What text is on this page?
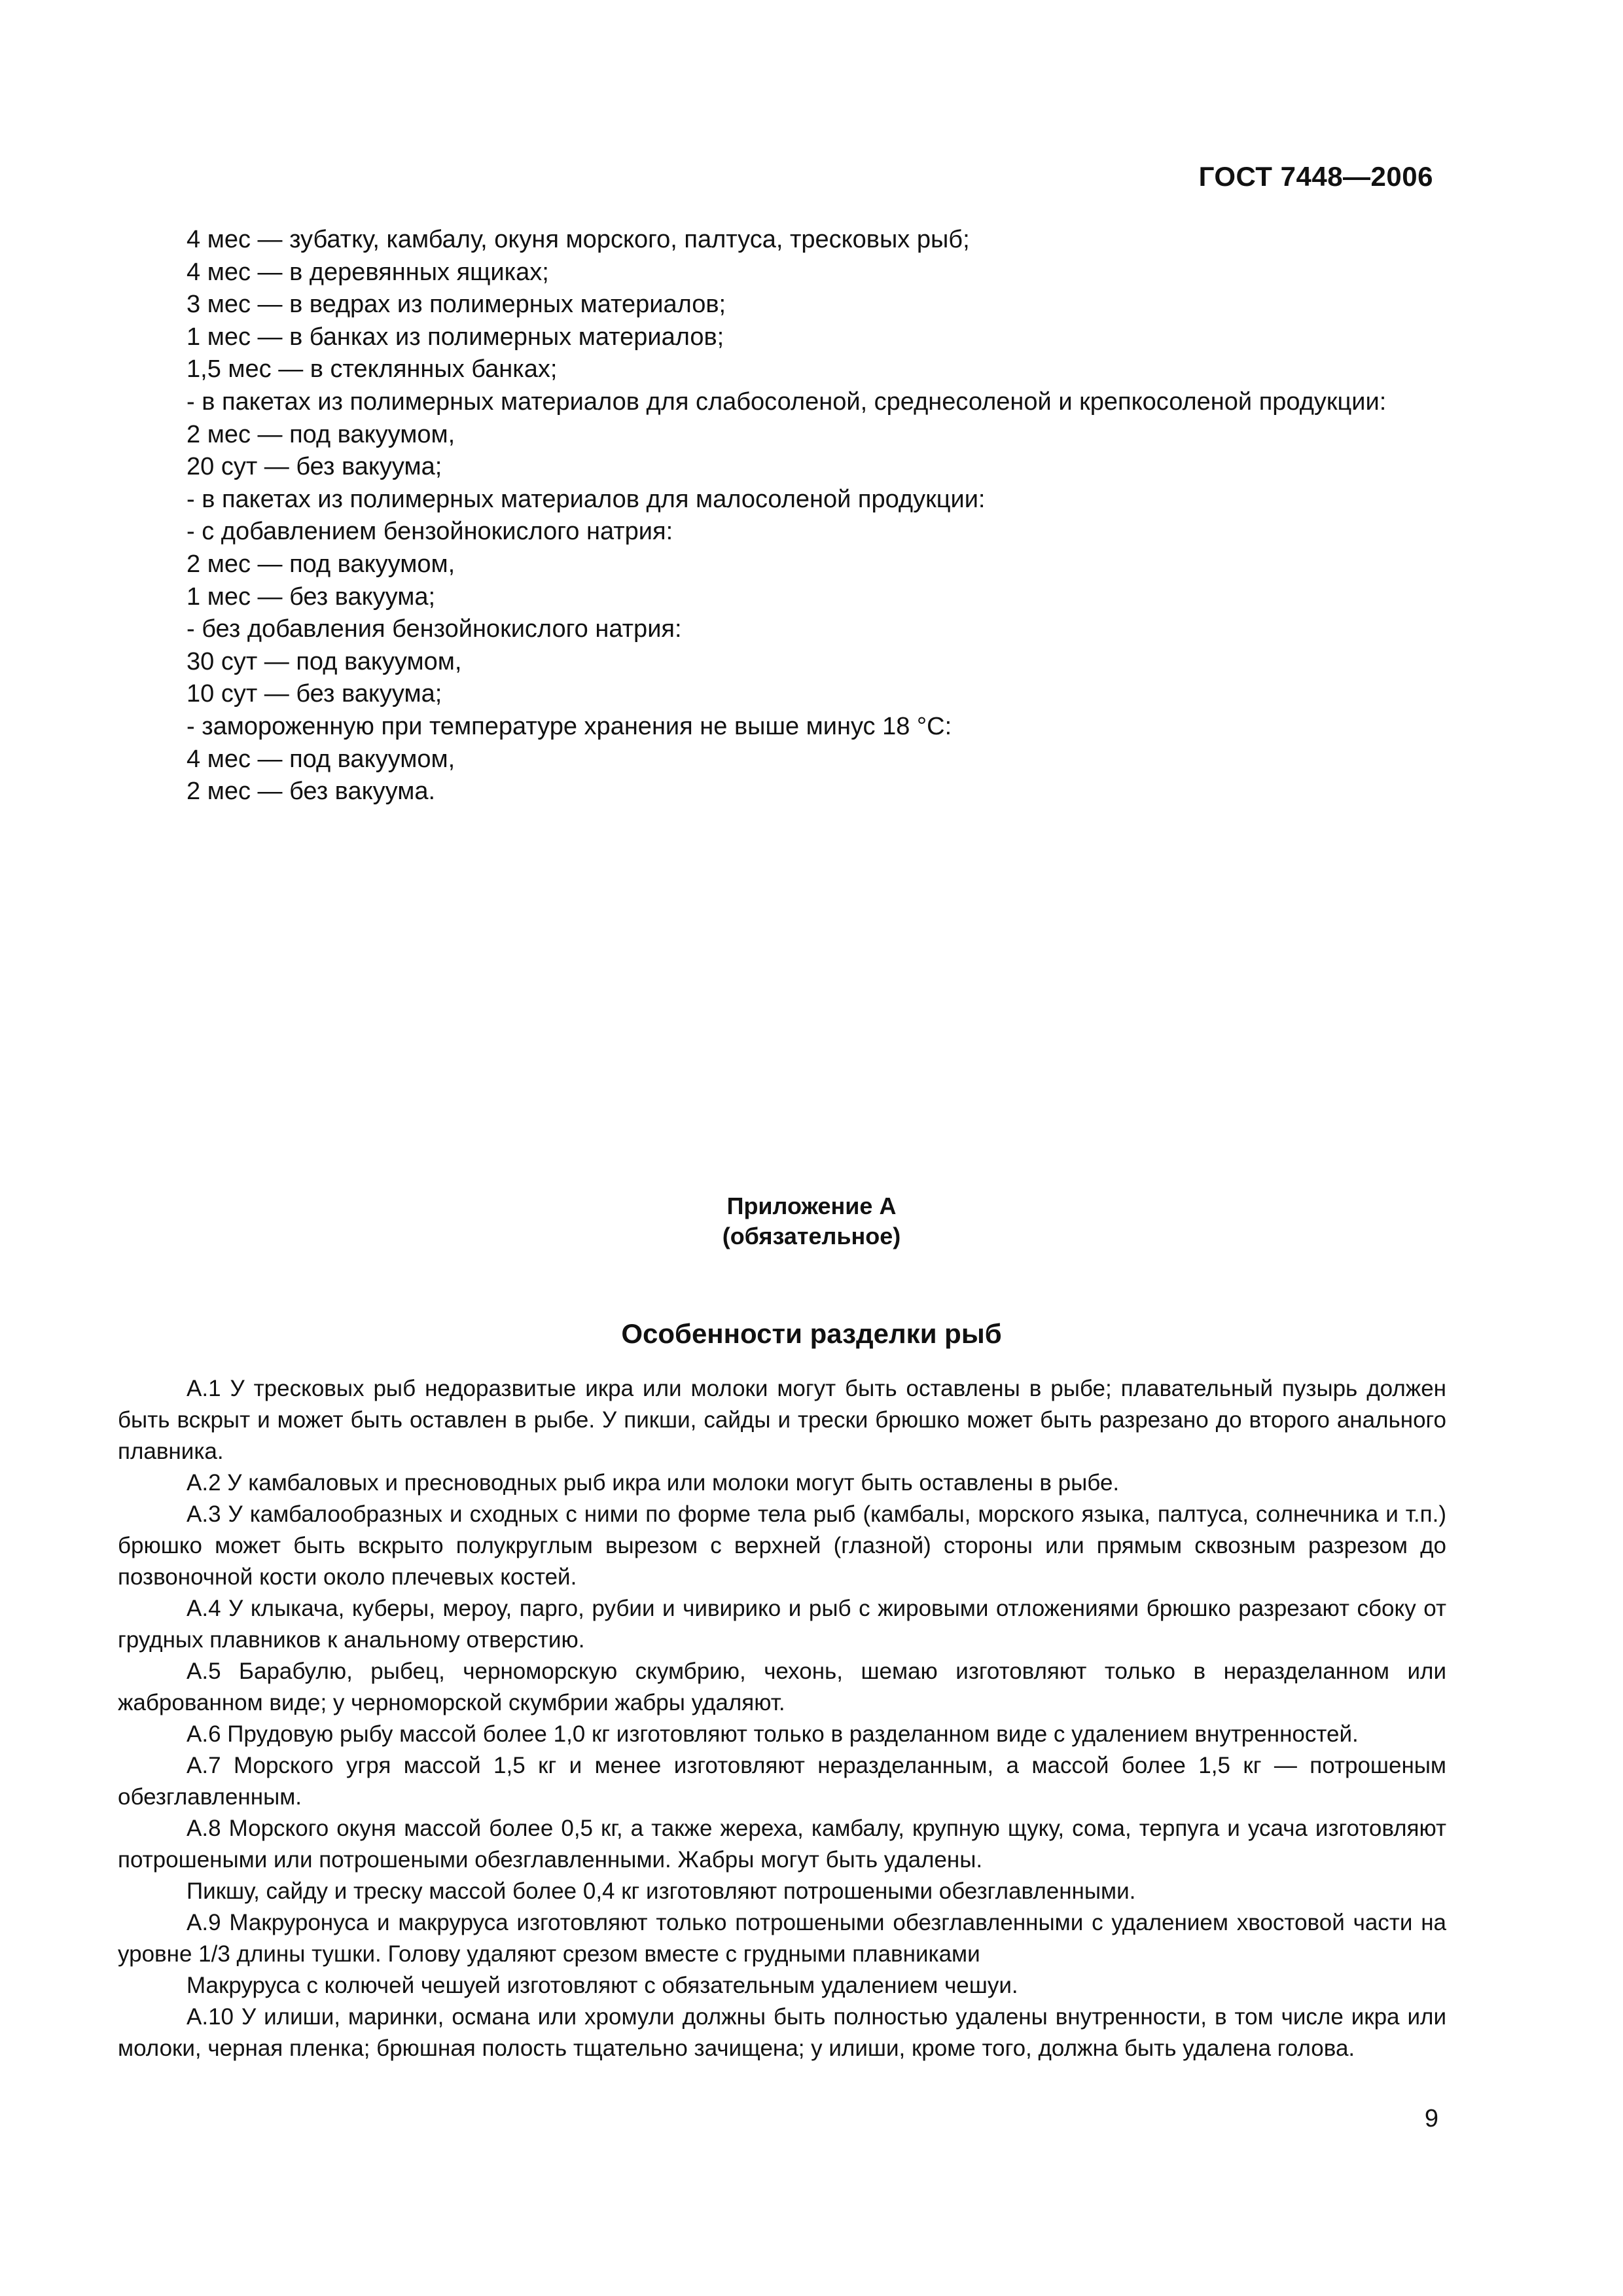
ГОСТ 7448—2006
4 мес — зубатку, камбалу, окуня морского, палтуса, тресковых рыб;
4 мес — в деревянных ящиках;
3 мес — в ведрах из полимерных материалов;
1 мес — в банках из полимерных материалов;
1,5 мес — в стеклянных банках;
- в пакетах из полимерных материалов для слабосоленой, среднесоленой и крепкосоленой продукции:
2 мес — под вакуумом,
20 сут — без вакуума;
- в пакетах из полимерных материалов для малосоленой продукции:
- с добавлением бензойнокислого натрия:
2 мес — под вакуумом,
1 мес — без вакуума;
- без добавления бензойнокислого натрия:
30 сут — под вакуумом,
10 сут — без вакуума;
- замороженную при температуре хранения не выше минус 18 °С:
4 мес — под вакуумом,
2 мес — без вакуума.
Приложение А
(обязательное)
Особенности разделки рыб

А.1 У тресковых рыб недоразвитые икра или молоки могут быть оставлены в рыбе; плавательный пузырь должен быть вскрыт и может быть оставлен в рыбе. У пикши, сайды и трески брюшко может быть разрезано до второго анального плавника.

А.2 У камбаловых и пресноводных рыб икра или молоки могут быть оставлены в рыбе.

А.3 У камбалообразных и сходных с ними по форме тела рыб (камбалы, морского языка, палтуса, солнечника и т.п.) брюшко может быть вскрыто полукруглым вырезом с верхней (глазной) стороны или прямым сквозным разрезом до позвоночной кости около плечевых костей.

А.4 У клыкача, куберы, мероу, парго, рубии и чивирико и рыб с жировыми отложениями брюшко разрезают сбоку от грудных плавников к анальному отверстию.

А.5 Барабулю, рыбец, черноморскую скумбрию, чехонь, шемаю изготовляют только в неразделанном или жаброванном виде; у черноморской скумбрии жабры удаляют.

А.6 Прудовую рыбу массой более 1,0 кг изготовляют только в разделанном виде с удалением внутренностей.

А.7 Морского угря массой 1,5 кг и менее изготовляют неразделанным, а массой более 1,5 кг — потрошеным обезглавленным.

А.8 Морского окуня массой более 0,5 кг, а также жереха, камбалу, крупную щуку, сома, терпуга и усача изготовляют потрошеными или потрошеными обезглавленными. Жабры могут быть удалены.

Пикшу, сайду и треску массой более 0,4 кг изготовляют потрошеными обезглавленными.

А.9 Макруронуса и макруруса изготовляют только потрошеными обезглавленными с удалением хвостовой части на уровне 1/3 длины тушки. Голову удаляют срезом вместе с грудными плавниками

Макруруса с колючей чешуей изготовляют с обязательным удалением чешуи.

А.10 У илиши, маринки, османа или хромули должны быть полностью удалены внутренности, в том числе икра или молоки, черная пленка; брюшная полость тщательно зачищена; у илиши, кроме того, должна быть удалена голова.

9
